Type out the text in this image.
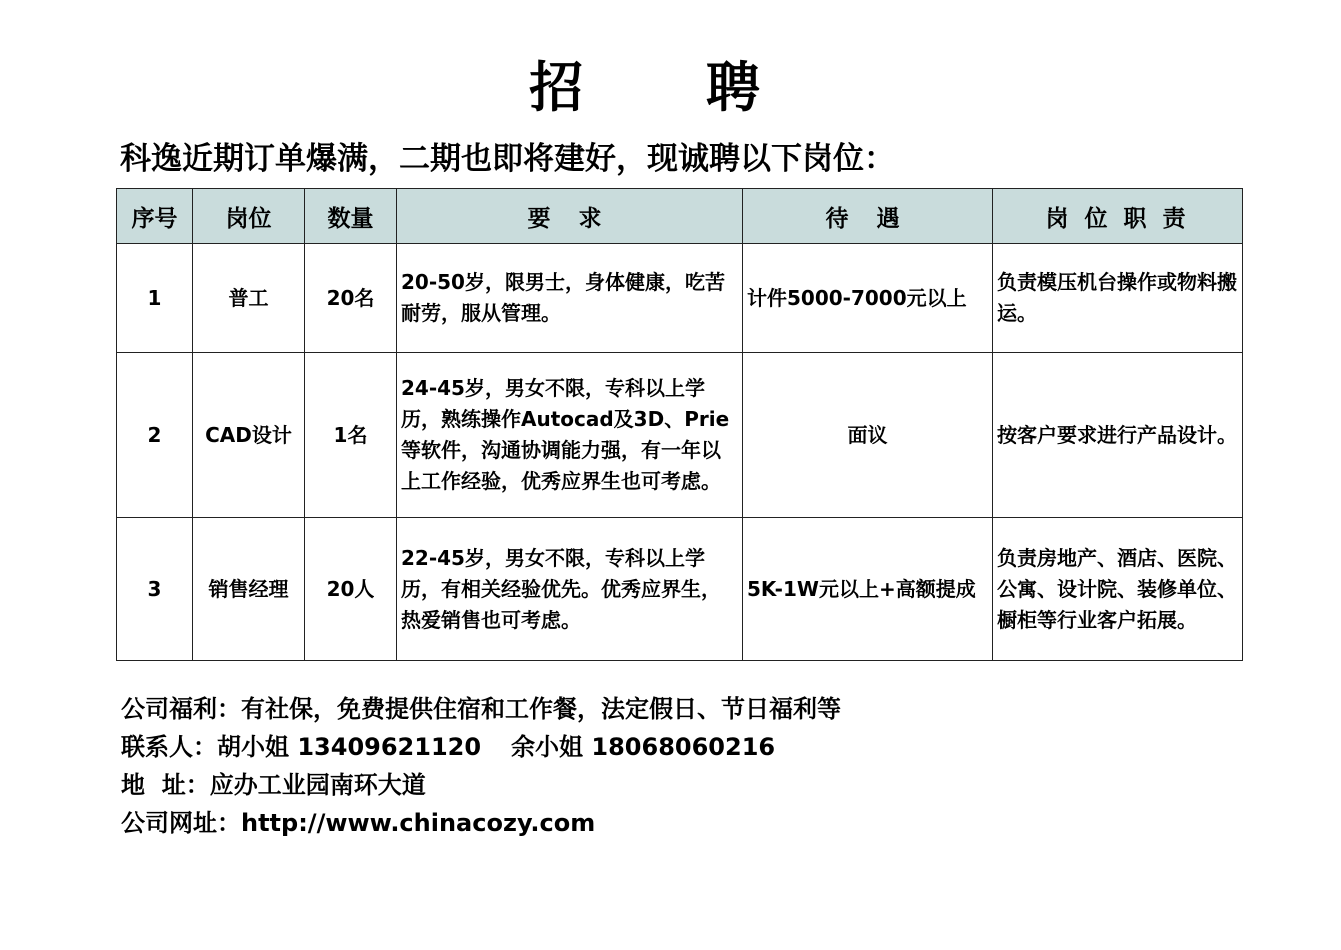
招 聘
科逸近期订单爆满，二期也即将建好，现诚聘以下岗位：
序号	岗位	数量	要 求	待 遇	岗 位 职 责
1	普工	20名	20-50岁，限男士，身体健康，吃苦耐劳，服从管理。	计件5000-7000元以上	负责模压机台操作或物料搬运。
2	CAD设计	1名	24-45岁，男女不限，专科以上学历，熟练操作Autocad及3D、Prie等软件，沟通协调能力强，有一年以上工作经验，优秀应界生也可考虑。	面议	按客户要求进行产品设计。
3	销售经理	20人	22-45岁，男女不限，专科以上学历，有相关经验优先。优秀应界生，热爱销售也可考虑。	5K-1W元以上+高额提成	负责房地产、酒店、医院、公寓、设计院、装修单位、橱柜等行业客户拓展。
公司福利：有社保，免费提供住宿和工作餐，法定假日、节日福利等
联系人：胡小姐 13409621120 余小姐 18068060216
地  址：应办工业园南环大道
公司网址：http://www.chinacozy.com
